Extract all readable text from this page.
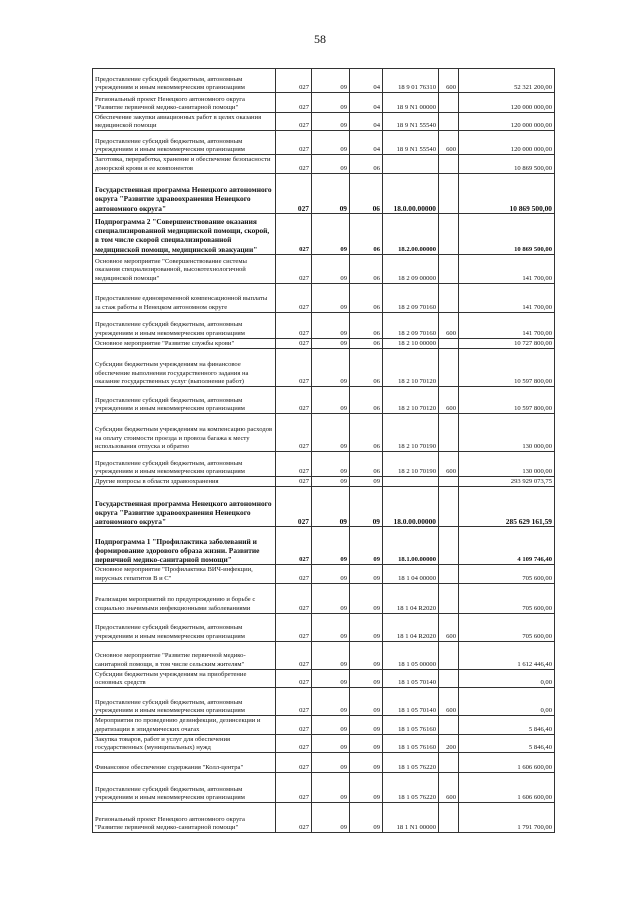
58
Предоставление субсидий бюджетным, автономным учреждениям и иным некоммерческим организациям	027	09	04	18 9 01 76310	600	52 321 200,00
Региональный проект Ненецкого автономного округа "Развитие первичной медико-санитарной помощи"	027	09	04	18 9 N1 00000		120 000 000,00
Обеспечение закупки авиационных работ в целях оказания медицинской помощи	027	09	04	18 9 N1 55540		120 000 000,00
Предоставление субсидий бюджетным, автономным учреждениям и иным некоммерческим организациям	027	09	04	18 9 N1 55540	600	120 000 000,00
Заготовка, переработка, хранение и обеспечение безопасности донорской крови и ее компонентов	027	09	06			10 869 500,00
Государственная программа Ненецкого автономного округа "Развитие здравоохранения Ненецкого автономного округа"	027	09	06	18.0.00.00000		10 869 500,00
Подпрограмма 2 "Совершенствование оказания специализированной медицинской помощи, скорой, в том числе скорой специализированной медицинской помощи, медицинской эвакуации"	027	09	06	18.2.00.00000		10 869 500,00
Основное мероприятие "Совершенствование системы оказания специализированной, высокотехнологичной медицинской помощи"	027	09	06	18 2 09 00000		141 700,00
Предоставление единовременной компенсационной выплаты за стаж работы в Ненецком автономном округе	027	09	06	18 2 09 70160		141 700,00
Предоставление субсидий бюджетным, автономным учреждениям и иным некоммерческим организациям	027	09	06	18 2 09 70160	600	141 700,00
Основное мероприятие "Развитие службы крови"	027	09	06	18 2 10 00000		10 727 800,00
Субсидии бюджетным учреждениям на финансовое обеспечение выполнения государственного задания на оказание государственных услуг (выполнение работ)	027	09	06	18 2 10 70120		10 597 800,00
Предоставление субсидий бюджетным, автономным учреждениям и иным некоммерческим организациям	027	09	06	18 2 10 70120	600	10 597 800,00
Субсидии бюджетным учреждениям на компенсацию расходов на оплату стоимости проезда и провоза багажа к месту использования отпуска и обратно	027	09	06	18 2 10 70190		130 000,00
Предоставление субсидий бюджетным, автономным учреждениям и иным некоммерческим организациям	027	09	06	18 2 10 70190	600	130 000,00
Другие вопросы в области здравоохранения	027	09	09			293 929 073,75
Государственная программа Ненецкого автономного округа "Развитие здравоохранения Ненецкого автономного округа"	027	09	09	18.0.00.00000		285 629 161,59
Подпрограмма 1 "Профилактика заболеваний и формирование здорового образа жизни. Развитие первичной медико-санитарной помощи"	027	09	09	18.1.00.00000		4 109 746,40
Основное мероприятие "Профилактика ВИЧ-инфекции, вирусных гепатитов В и С"	027	09	09	18 1 04 00000		705 600,00
Реализация мероприятий по предупреждению и борьбе с социально значимыми инфекционными заболеваниями	027	09	09	18 1 04 R2020		705 600,00
Предоставление субсидий бюджетным, автономным учреждениям и иным некоммерческим организациям	027	09	09	18 1 04 R2020	600	705 600,00
Основное мероприятие "Развитие первичной медико-санитарной помощи, в том числе сельским жителям"	027	09	09	18 1 05 00000		1 612 446,40
Субсидии бюджетным учреждениям на приобретение основных средств	027	09	09	18 1 05 70140		0,00
Предоставление субсидий бюджетным, автономным учреждениям и иным некоммерческим организациям	027	09	09	18 1 05 70140	600	0,00
Мероприятия по проведению дезинфекции, дезинсекции и дератизации в эпидемических очагах	027	09	09	18 1 05 76160		5 846,40
Закупка товаров, работ и услуг для обеспечения государственных (муниципальных) нужд	027	09	09	18 1 05 76160	200	5 846,40
Финансовое обеспечение содержания "Колл-центра"	027	09	09	18 1 05 76220		1 606 600,00
Предоставление субсидий бюджетным, автономным учреждениям и иным некоммерческим организациям	027	09	09	18 1 05 76220	600	1 606 600,00
Региональный проект Ненецкого автономного округа "Развитие первичной медико-санитарной помощи"	027	09	09	18 1 N1 00000		1 791 700,00
